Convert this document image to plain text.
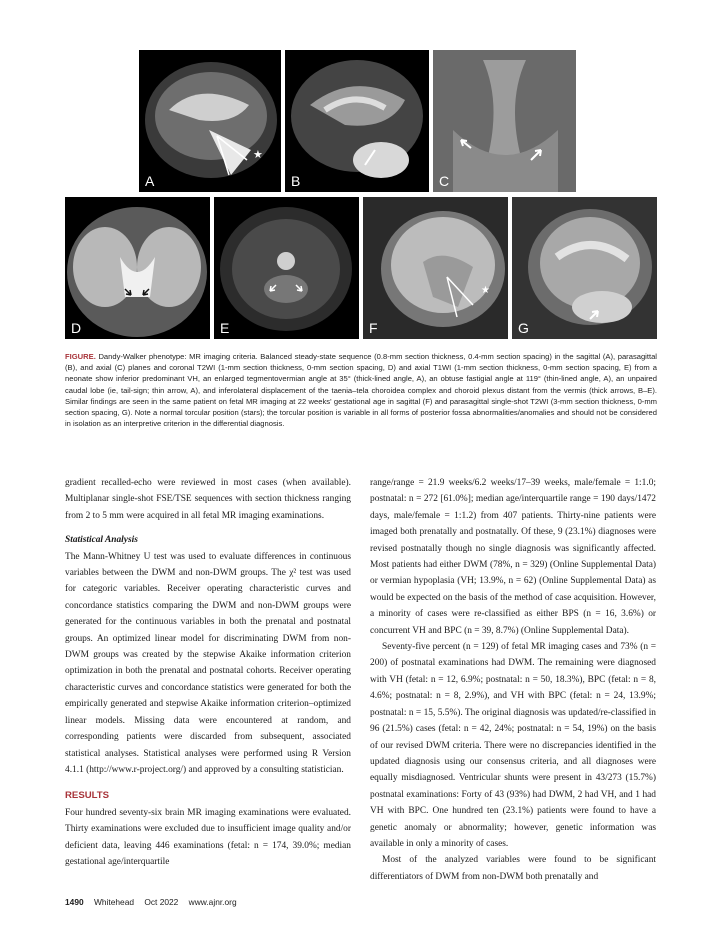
★
A	B	C
D	E
★
F	G
FIGURE. Dandy-Walker phenotype: MR imaging criteria. Balanced steady-state sequence (0.8-mm section thickness, 0.4-mm section spacing) in the sagittal (A), parasagittal (B), and axial (C) planes and coronal T2WI (1-mm section thickness, 0-mm section spacing, D) and axial T1WI (1-mm section thickness, 0-mm section spacing, E) from a neonate show inferior predominant VH, an enlarged tegmentovermian angle at 35° (thick-lined angle, A), an obtuse fastigial angle at 119° (thin-lined angle, A), an unpaired caudal lobe (ie, tail-sign; thin arrow, A), and inferolateral displacement of the taenia–tela choroidea complex and choroid plexus distant from the vermis (thick arrows, B–E). Similar findings are seen in the same patient on fetal MR imaging at 22 weeks' gestational age in sagittal (F) and parasagittal single-shot T2WI (3-mm section thickness, 0-mm section spacing, G). Note a normal torcular position (stars); the torcular position is variable in all forms of posterior fossa abnormalities/anomalies and should not be considered in isolation as an interpretive criterion in the differential diagnosis.

gradient recalled-echo were reviewed in most cases (when available). Multiplanar single-shot FSE/TSE sequences with section thickness ranging from 2 to 5 mm were acquired in all fetal MR imaging examinations.

Statistical Analysis

The Mann-Whitney U test was used to evaluate differences in continuous variables between the DWM and non-DWM groups. The χ² test was used for categoric variables. Receiver operating characteristic curves and concordance statistics comparing the DWM and non-DWM groups were generated for the continuous variables in both the prenatal and postnatal groups. An optimized linear model for discriminating DWM from non-DWM groups was created by the stepwise Akaike information criterion optimization in both the prenatal and postnatal cohorts. Receiver operating characteristic curves and concordance statistics were generated for both the empirically generated and stepwise Akaike information criterion–optimized linear models. Missing data were encountered at random, and corresponding patients were discarded from subsequent, associated statistical analyses. Statistical analyses were performed using R Version 4.1.1 (http://www.r-project.org/) and approved by a consulting statistician.

RESULTS

Four hundred seventy-six brain MR imaging examinations were evaluated. Thirty examinations were excluded due to insufficient image quality and/or deficient data, leaving 446 examinations (fetal: n = 174, 39.0%; median gestational age/interquartile

range/range = 21.9 weeks/6.2 weeks/17–39 weeks, male/female = 1:1.0; postnatal: n = 272 [61.0%]; median age/interquartile range = 190 days/1472 days, male/female = 1:1.2) from 407 patients. Thirty-nine patients were imaged both prenatally and postnatally. Of these, 9 (23.1%) diagnoses were revised postnatally though no single diagnosis was significantly affected. Most patients had either DWM (78%, n = 329) (Online Supplemental Data) or vermian hypoplasia (VH; 13.9%, n = 62) (Online Supplemental Data) as would be expected on the basis of the method of case acquisition. However, a minority of cases were re-classified as either BPS (n = 16, 3.6%) or concurrent VH and BPC (n = 39, 8.7%) (Online Supplemental Data).

Seventy-five percent (n = 129) of fetal MR imaging cases and 73% (n = 200) of postnatal examinations had DWM. The remaining were diagnosed with VH (fetal: n = 12, 6.9%; postnatal: n = 50, 18.3%), BPC (fetal: n = 8, 4.6%; postnatal: n = 8, 2.9%), and VH with BPC (fetal: n = 24, 13.9%; postnatal: n = 15, 5.5%). The original diagnosis was updated/re-classified in 96 (21.5%) cases (fetal: n = 42, 24%; postnatal: n = 54, 19%) on the basis of our revised DWM criteria. There were no discrepancies identified in the updated diagnosis using our consensus criteria, and all diagnoses were equally misdiagnosed. Ventricular shunts were present in 43/273 (15.7%) postnatal examinations: Forty of 43 (93%) had DWM, 2 had VH, and 1 had VH with BPC. One hundred ten (23.1%) patients were found to have a genetic anomaly or abnormality; however, genetic information was available in only a minority of cases.

Most of the analyzed variables were found to be significant differentiators of DWM from non-DWM both prenatally and

1490 Whitehead Oct 2022 www.ajnr.org
